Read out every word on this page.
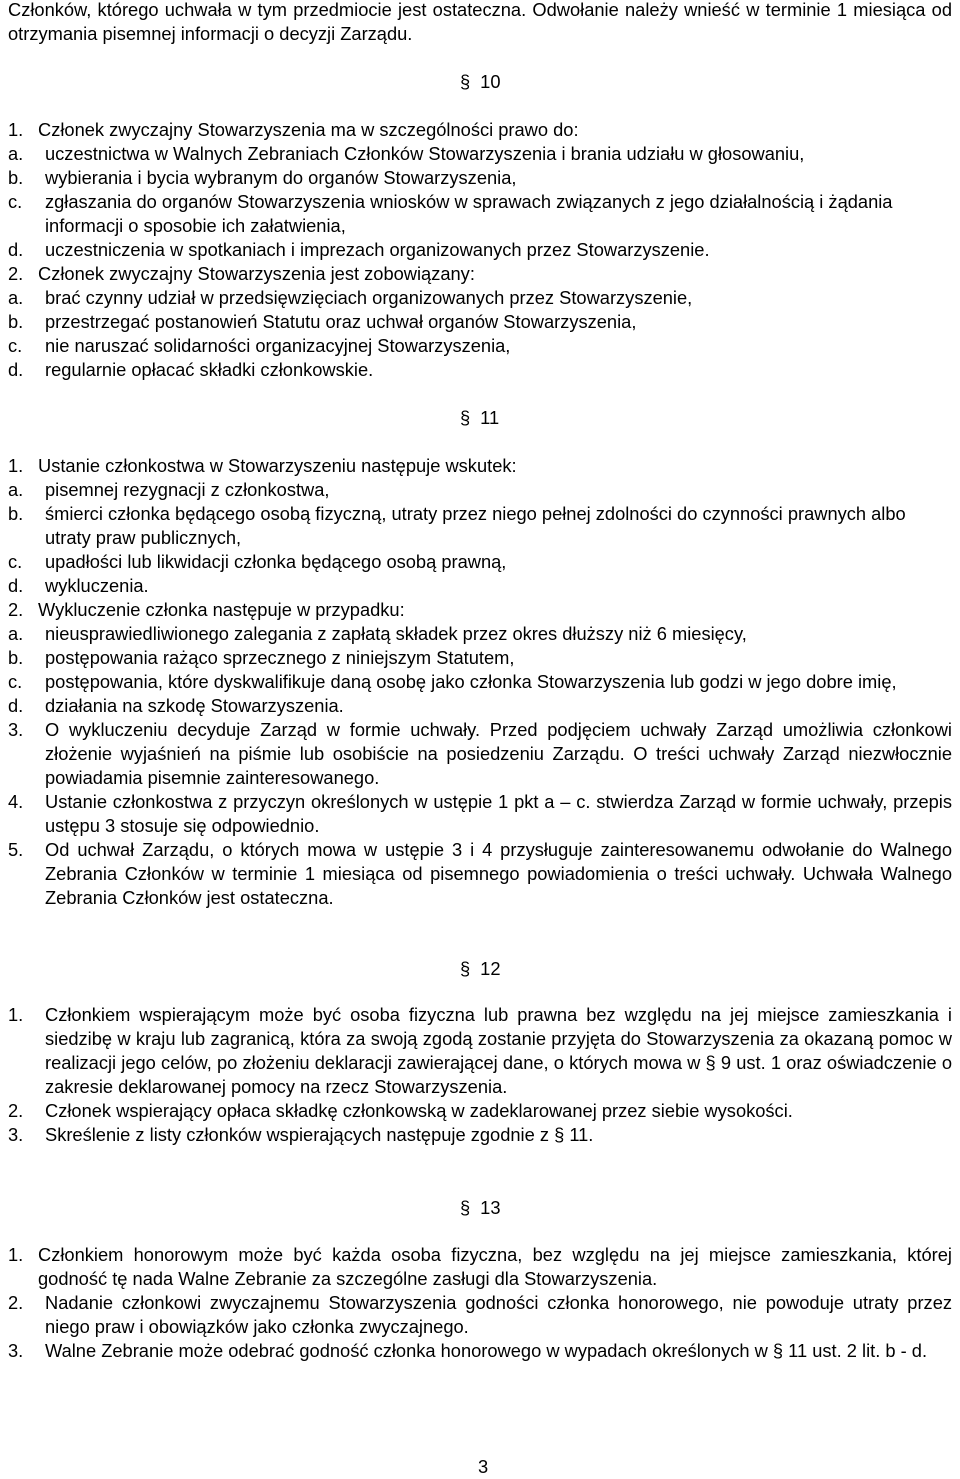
Członków, którego uchwała w tym przedmiocie jest ostateczna. Odwołanie należy wnieść w terminie 1 miesiąca od otrzymania pisemnej informacji o decyzji Zarządu.
§ 10
1. Członek zwyczajny Stowarzyszenia ma w szczególności prawo do:
a.	uczestnictwa w Walnych Zebraniach Członków Stowarzyszenia i brania udziału w głosowaniu,
b.	wybierania i bycia wybranym do organów Stowarzyszenia,
c.	zgłaszania do organów Stowarzyszenia wniosków w sprawach związanych z jego działalnością i żądania informacji o sposobie ich załatwienia,
d.	uczestniczenia w spotkaniach i imprezach organizowanych przez Stowarzyszenie.
2. Członek zwyczajny Stowarzyszenia jest zobowiązany:
a.	brać czynny udział w przedsięwzięciach organizowanych przez Stowarzyszenie,
b.	przestrzegać postanowień Statutu oraz uchwał organów Stowarzyszenia,
c.	nie naruszać solidarności organizacyjnej Stowarzyszenia,
d.	regularnie opłacać składki członkowskie.
§ 11
1. Ustanie członkostwa w Stowarzyszeniu następuje wskutek:
a.	pisemnej rezygnacji z członkostwa,
b.	śmierci członka będącego osobą fizyczną, utraty przez niego pełnej zdolności do czynności prawnych albo utraty praw publicznych,
c.	upadłości lub likwidacji członka będącego osobą prawną,
d.	wykluczenia.
2. Wykluczenie członka następuje w przypadku:
a.	nieusprawiedliwionego zalegania z zapłatą składek przez okres dłuższy niż 6 miesięcy,
b.	postępowania rażąco sprzecznego z niniejszym Statutem,
c.	postępowania, które dyskwalifikuje daną osobę jako członka Stowarzyszenia lub godzi w jego dobre imię,
d.	działania na szkodę Stowarzyszenia.
3.	O wykluczeniu decyduje Zarząd w formie uchwały. Przed podjęciem uchwały Zarząd umożliwia członkowi złożenie wyjaśnień na piśmie lub osobiście na posiedzeniu Zarządu. O treści uchwały Zarząd niezwłocznie powiadamia pisemnie zainteresowanego.
4.	Ustanie członkostwa z przyczyn określonych w ustępie 1 pkt a – c. stwierdza Zarząd w formie uchwały, przepis ustępu 3 stosuje się odpowiednio.
5.	Od uchwał Zarządu, o których mowa w ustępie 3 i 4 przysługuje zainteresowanemu odwołanie do Walnego Zebrania Członków w terminie 1 miesiąca od pisemnego powiadomienia o treści uchwały. Uchwała Walnego Zebrania Członków jest ostateczna.
§ 12
1.	Członkiem wspierającym może być osoba fizyczna lub prawna bez względu na jej miejsce zamieszkania i siedzibę w kraju lub zagranicą, która za swoją zgodą zostanie przyjęta do Stowarzyszenia za okazaną pomoc w realizacji jego celów, po złożeniu deklaracji zawierającej dane, o których mowa w § 9 ust. 1 oraz oświadczenie o zakresie deklarowanej pomocy na rzecz Stowarzyszenia.
2.	Członek wspierający opłaca składkę członkowską w zadeklarowanej przez siebie wysokości.
3.	Skreślenie z listy członków wspierających następuje zgodnie z § 11.
§ 13
1. Członkiem honorowym może być każda osoba fizyczna, bez względu na jej miejsce zamieszkania, której godność tę nada Walne Zebranie za szczególne zasługi dla Stowarzyszenia.
2.	Nadanie członkowi zwyczajnemu Stowarzyszenia godności członka honorowego, nie powoduje utraty przez niego praw i obowiązków jako członka zwyczajnego.
3.	Walne Zebranie może odebrać godność członka honorowego w wypadach określonych w § 11 ust. 2 lit. b - d.
3
